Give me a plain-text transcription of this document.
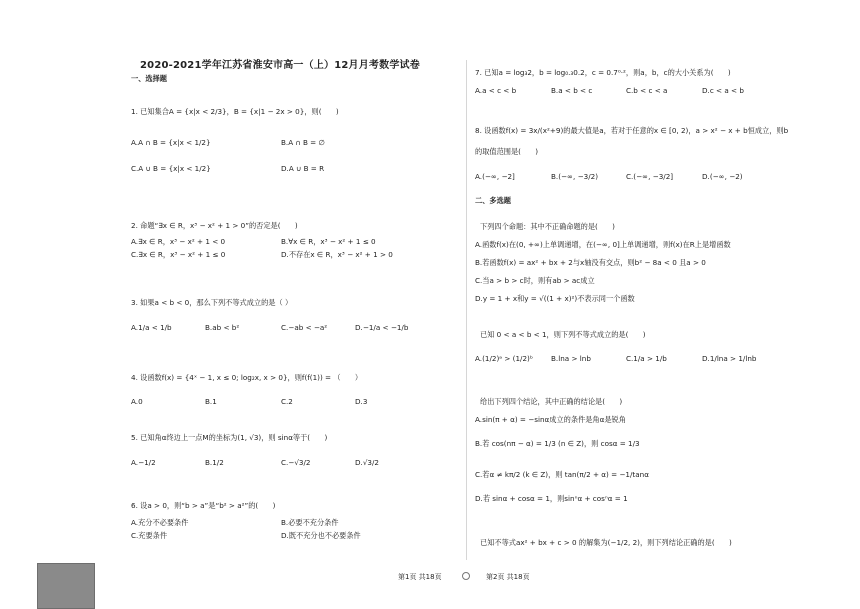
2020-2021学年江苏省淮安市高一（上）12月月考数学试卷
一、选择题
1. 已知集合A = {x|x < 2/3}，B = {x|1 − 2x > 0}，则(　　)
A.A ∩ B = {x|x < 1/2}	B.A ∩ B = ∅
C.A ∪ B = {x|x < 1/2}	D.A ∪ B = R
2. 命题“∃x ∈ R，x³ − x² + 1 > 0”的否定是(　　)
A.∃x ∈ R，x³ − x² + 1 < 0	B.∀x ∈ R，x³ − x² + 1 ≤ 0
C.∃x ∈ R，x³ − x² + 1 ≤ 0	D.不存在x ∈ R，x³ − x² + 1 > 0
3. 如果a < b < 0，那么下列不等式成立的是（ ）
A.1/a < 1/b	B.ab < b²	C.−ab < −a²	D.−1/a < −1/b
4. 设函数f(x) = {4ˣ − 1, x ≤ 0; log₂x, x > 0}，则f(f(1)) = （　　）
A.0	B.1	C.2	D.3
5. 已知角α终边上一点M的坐标为(1, √3)，则 sinα等于(　　)
A.−1/2	B.1/2	C.−√3/2	D.√3/2
6. 设a > 0，则“b > a”是“b² > a²”的(　　)
A.充分不必要条件	B.必要不充分条件
C.充要条件	D.既不充分也不必要条件
7. 已知a = log₃2，b = log₀.₃0.2，c = 0.7⁰·²，则a，b，c的大小关系为(　　)
A.a < c < b	B.a < b < c	C.b < c < a	D.c < a < b
8. 设函数f(x) = 3x/(x²+9)的最大值是a，若对于任意的x ∈ [0, 2)，a > x² − x + b恒成立，则b
的取值范围是(　　)
A.(−∞, −2]	B.(−∞, −3/2)	C.(−∞, −3/2]	D.(−∞, −2)
二、多选题
下列四个命题：其中不正确命题的是(　　)
A.函数f(x)在(0, +∞)上单调递增，在(−∞, 0]上单调递增，则f(x)在R上是增函数
B.若函数f(x) = ax² + bx + 2与x轴没有交点，则b² − 8a < 0 且a > 0
C.当a > b > c时，则有ab > ac成立
D.y = 1 + x和y = √((1 + x)²)不表示同一个函数
已知 0 < a < b < 1，则下列不等式成立的是(　　)
A.(1/2)ᵃ > (1/2)ᵇ	B.lna > lnb	C.1/a > 1/b	D.1/lna > 1/lnb
给出下列四个结论，其中正确的结论是(　　)
A.sin(π + α) = −sinα成立的条件是角α是锐角
B.若 cos(nπ − α) = 1/3 (n ∈ Z)，则 cosα = 1/3
C.若α ≠ kπ/2 (k ∈ Z)，则 tan(π/2 + α) = −1/tanα
D.若 sinα + cosα = 1，则sinⁿα + cosⁿα = 1
已知不等式ax² + bx + c > 0 的解集为(−1/2, 2)，则下列结论正确的是(　　)
第1页 共18页	第2页 共18页
